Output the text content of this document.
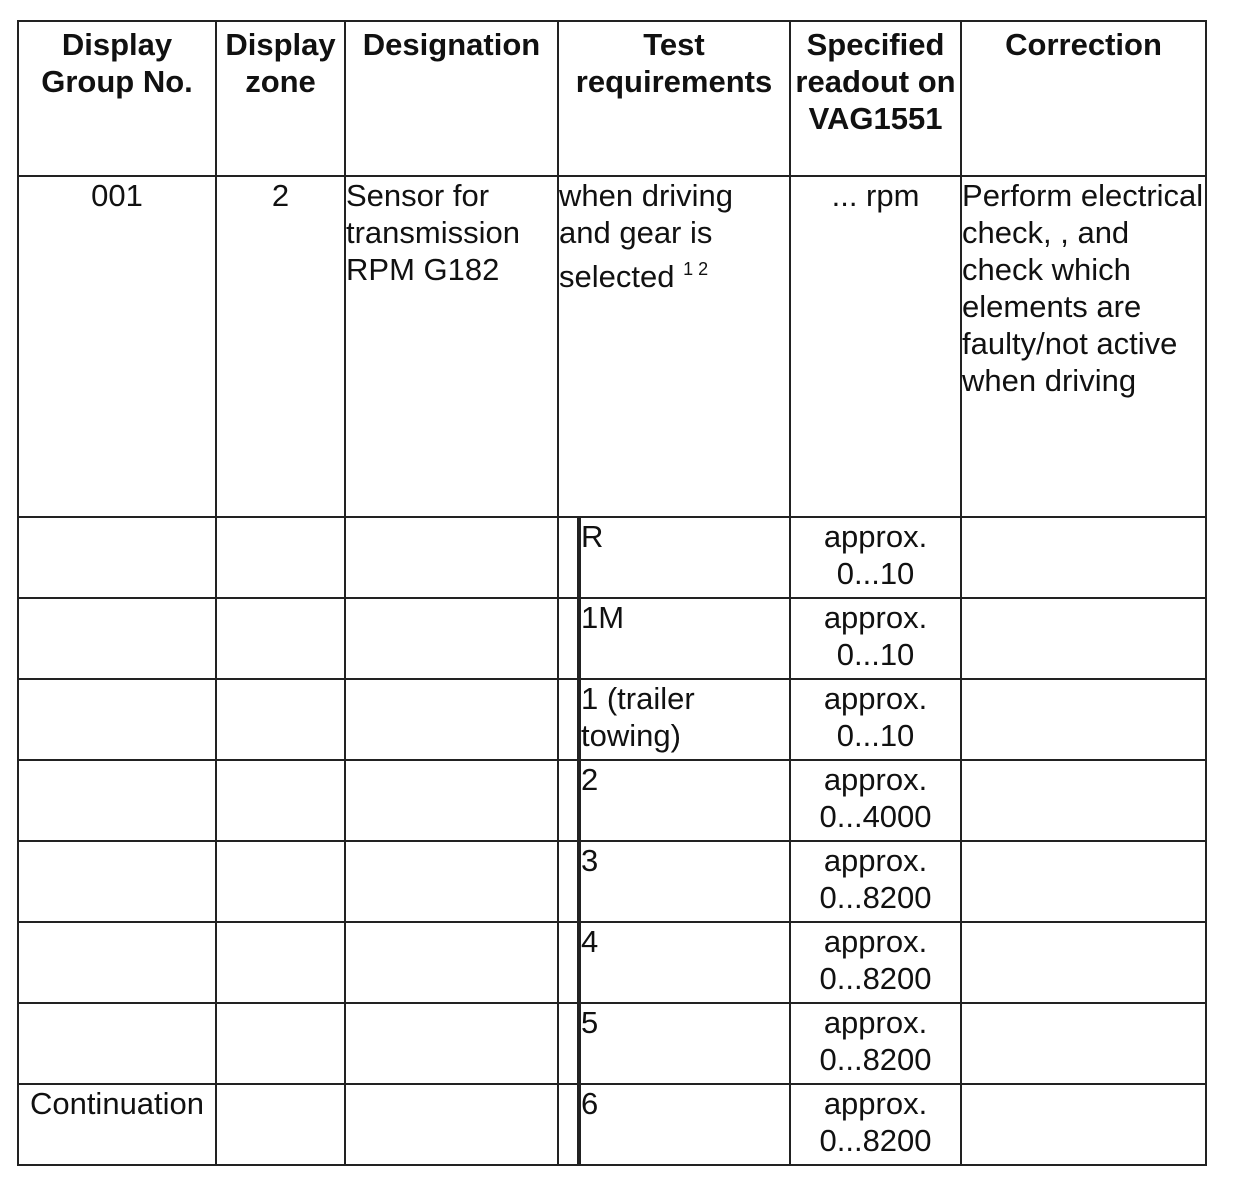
Display Group No.	Display zone	Designation	Test requirements		Specified readout on VAG1551	Correction
001	2	Sensor for transmission RPM G182	when driving and gear is selected $^{1 2}$		... rpm	Perform electrical check, , and check which elements are faulty/not active when driving
				R	approx. 0...10	
				1M	approx. 0...10	
				1 (trailer towing)	approx. 0...10	
				2	approx. 0...4000	
				3	approx. 0...8200	
				4	approx. 0...8200	
				5	approx. 0...8200	
Continuation				6	approx. 0...8200	
